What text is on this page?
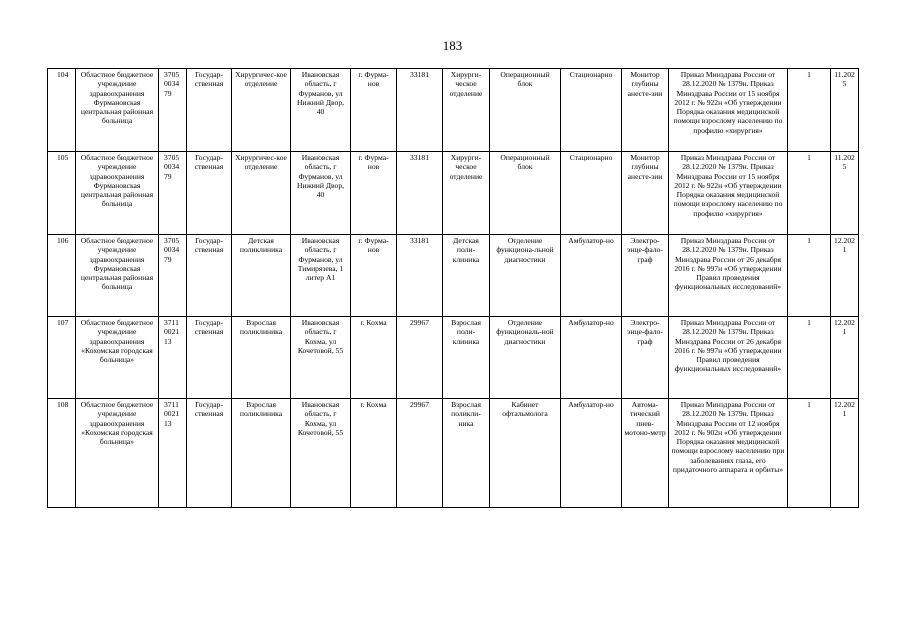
183
104	Областное бюджетное учреждение здравоохранения Фурмановская центральная районная больница	3705 0034 79	Государ-ственная	Хирургичес-кое отделение	Ивановская область, г Фурманов, ул Нижний Двор, 40	г. Фурма-нов	33181	Хирурги-ческое отделение	Операционный блок	Стационарно	Монитор глубины анесте-зии	Приказ Минздрава России от 28.12.2020 № 1379н. Приказ Минздрава России от 15 ноября 2012 г. № 922н «Об утверждении Порядка оказания медицинской помощи взрослому населению по профилю «хирургия»	1	11.2025
105	Областное бюджетное учреждение здравоохранения Фурмановская центральная районная больница	3705 0034 79	Государ-ственная	Хирургичес-кое отделение	Ивановская область, г Фурманов, ул Нижний Двор, 40	г. Фурма-нов	33181	Хирурги-ческое отделение	Операционный блок	Стационарно	Монитор глубины анесте-зии	Приказ Минздрава России от 28.12.2020 № 1379н. Приказ Минздрава России от 15 ноября 2012 г. № 922н «Об утверждении Порядка оказания медицинской помощи взрослому населению по профилю «хирургия»	1	11.2025
106	Областное бюджетное учреждение здравоохранения Фурмановская центральная районная больница	3705 0034 79	Государ-ственная	Детская поликлиника	Ивановская область, г Фурманов, ул Тимирязева, 1 литер А1	г. Фурма-нов	33181	Детская поли-клиника	Отделение функциона-льной диагностики	Амбулатор-но	Электро-энце-фало-граф	Приказ Минздрава России от 28.12.2020 № 1379н. Приказ Минздрава России от 26 декабря 2016 г. № 997н «Об утверждении Правил проведения функциональных исследований»	1	12.2021
107	Областное бюджетное учреждение здравоохранения «Кохомская городская больница»	3711 0021 13	Государ-ственная	Взрослая поликлиника	Ивановская область, г Кохма, ул Кочетовой, 55	г. Кохма	29967	Взрослая поли-клиника	Отделение функциональ-ной диагностики	Амбулатор-но	Электро-энце-фало-граф	Приказ Минздрава России от 28.12.2020 № 1379н. Приказ Минздрава России от 26 декабря 2016 г. № 997н «Об утверждении Правил проведения функциональных исследований»	1	12.2021
108	Областное бюджетное учреждение здравоохранения «Кохомская городская больница»	3711 0021 13	Государ-ственная	Взрослая поликлиника	Ивановская область, г Кохма, ул Кочетовой, 55	г. Кохма	29967	Взрослая поликли-ника	Кабинет офтальмолога	Амбулатор-но	Автома-тический пнев-мотоно-метр	Приказ Минздрава России от 28.12.2020 № 1379н. Приказ Минздрава России от 12 ноября 2012 г. № 902н «Об утверждении Порядка оказания медицинской помощи взрослому населению при заболеваниях глаза, его придаточного аппарата и орбиты»	1	12.2021
